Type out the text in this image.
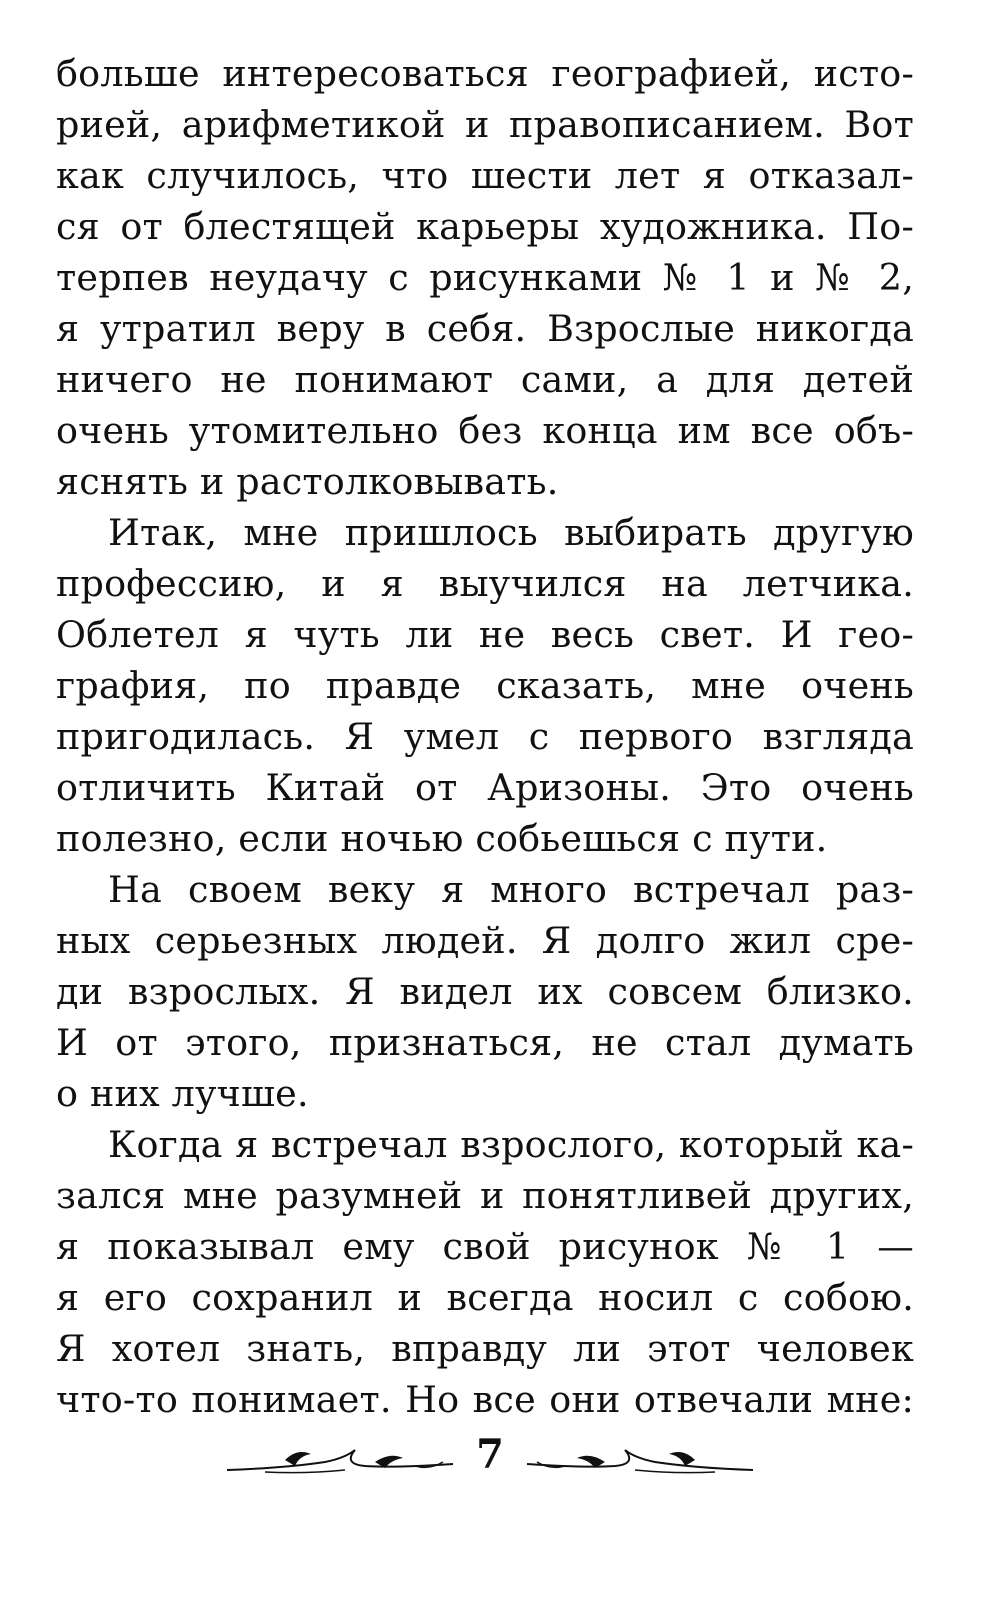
больше интересоваться географией, исто-
рией, арифметикой и правописанием. Вот
как случилось, что шести лет я отказал-
ся от блестящей карьеры художника. По-
терпев неудачу с рисунками № 1 и № 2,
я утратил веру в себя. Взрослые никогда
ничего не понимают сами, а для детей
очень утомительно без конца им все объ-
яснять и растолковывать.
Итак, мне пришлось выбирать другую
профессию, и я выучился на летчика.
Облетел я чуть ли не весь свет. И гео-
графия, по правде сказать, мне очень
пригодилась. Я умел с первого взгляда
отличить Китай от Аризоны. Это очень
полезно, если ночью собьешься с пути.
На своем веку я много встречал раз-
ных серьезных людей. Я долго жил сре-
ди взрослых. Я видел их совсем близко.
И от этого, признаться, не стал думать
о них лучше.
Когда я встречал взрослого, который ка-
зался мне разумней и понятливей других,
я показывал ему свой рисунок № 1 —
я его сохранил и всегда носил с собою.
Я хотел знать, вправду ли этот человек
что-то понимает. Но все они отвечали мне:
7
